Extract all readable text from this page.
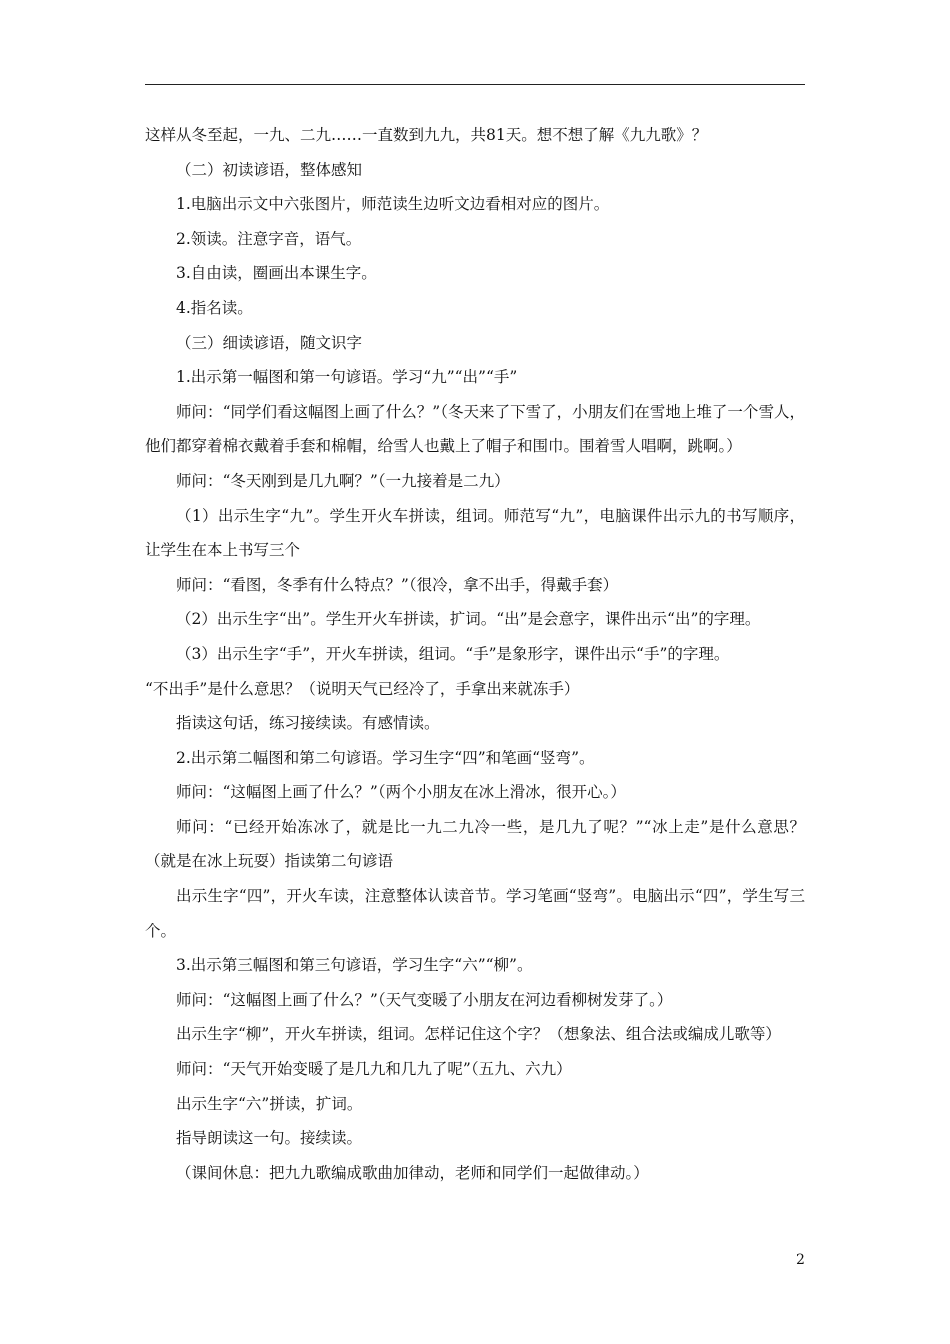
这样从冬至起，一九、二九……一直数到九九，共81天。想不想了解《九九歌》？

（二）初读谚语，整体感知

1.电脑出示文中六张图片，师范读生边听文边看相对应的图片。

2.领读。注意字音，语气。

3.自由读，圈画出本课生字。

4.指名读。

（三）细读谚语，随文识字

1.出示第一幅图和第一句谚语。学习“九”“出”“手”

师问：“同学们看这幅图上画了什么？”（冬天来了下雪了，小朋友们在雪地上堆了一个雪人，他们都穿着棉衣戴着手套和棉帽，给雪人也戴上了帽子和围巾。围着雪人唱啊，跳啊。）

师问：“冬天刚到是几九啊？”（一九接着是二九）

（1）出示生字“九”。学生开火车拼读，组词。师范写“九”，电脑课件出示九的书写顺序，让学生在本上书写三个

师问：“看图，冬季有什么特点？”（很冷，拿不出手，得戴手套）

（2）出示生字“出”。学生开火车拼读，扩词。“出”是会意字，课件出示“出”的字理。

（3）出示生字“手”，开火车拼读，组词。“手”是象形字，课件出示“手”的字理。

“不出手”是什么意思？（说明天气已经冷了，手拿出来就冻手）

指读这句话，练习接续读。有感情读。

2.出示第二幅图和第二句谚语。学习生字“四”和笔画“竖弯”。

师问：“这幅图上画了什么？”（两个小朋友在冰上滑冰，很开心。）

师问：“已经开始冻冰了，就是比一九二九冷一些，是几九了呢？”“冰上走”是什么意思？（就是在冰上玩耍）指读第二句谚语

出示生字“四”，开火车读，注意整体认读音节。学习笔画“竖弯”。电脑出示“四”，学生写三个。

3.出示第三幅图和第三句谚语，学习生字“六”“柳”。

师问：“这幅图上画了什么？”（天气变暖了小朋友在河边看柳树发芽了。）

出示生字“柳”，开火车拼读，组词。怎样记住这个字？（想象法、组合法或编成儿歌等）

师问：“天气开始变暖了是几九和几九了呢”（五九、六九）

出示生字“六”拼读，扩词。

指导朗读这一句。接续读。

（课间休息：把九九歌编成歌曲加律动，老师和同学们一起做律动。）

2
